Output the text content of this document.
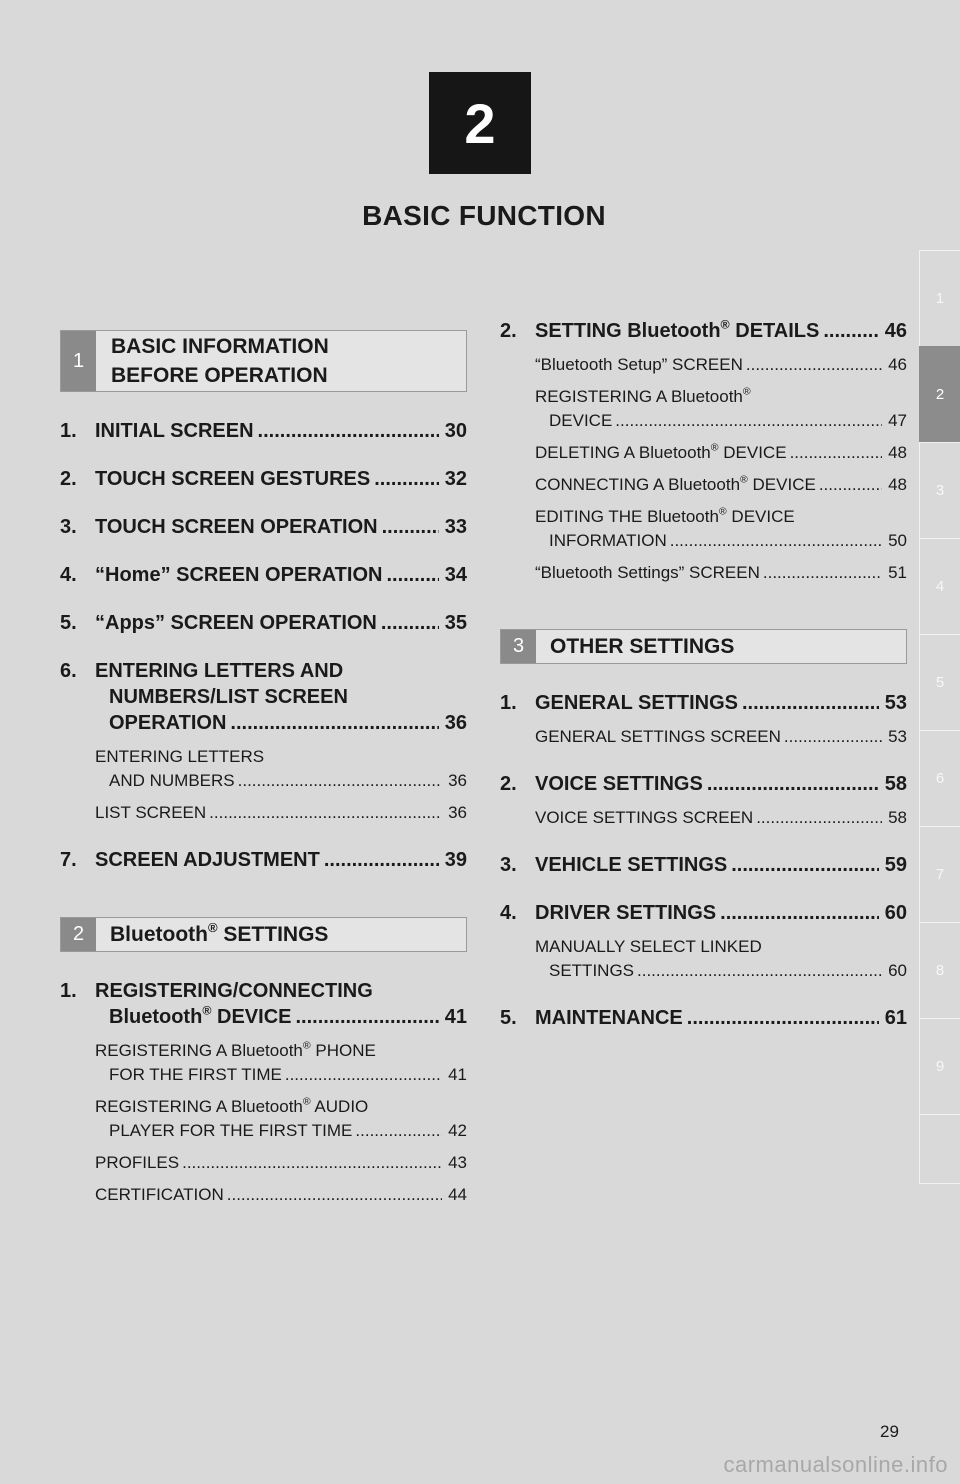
2
BASIC FUNCTION
1
2
3
4
5
6
7
8
9
1
BASIC INFORMATION
BEFORE OPERATION
1. INITIAL SCREEN .....	30
2. TOUCH SCREEN GESTURES .....	32
3. TOUCH SCREEN OPERATION .....	33
4. “Home” SCREEN OPERATION .....	34
5. “Apps” SCREEN OPERATION .....	35
6. ENTERING LETTERS AND
NUMBERS/LIST SCREEN
OPERATION .....	36
ENTERING LETTERS
AND NUMBERS .....	36
LIST SCREEN .....	36
7. SCREEN ADJUSTMENT .....	39
2	Bluetooth® SETTINGS
1. REGISTERING/CONNECTING
Bluetooth® DEVICE .....	41
REGISTERING A Bluetooth® PHONE
FOR THE FIRST TIME .....	41
REGISTERING A Bluetooth® AUDIO
PLAYER FOR THE FIRST TIME .....	42
PROFILES .....	43
CERTIFICATION .....	44
2. SETTING Bluetooth® DETAILS .....	46
“Bluetooth Setup” SCREEN .....	46
REGISTERING A Bluetooth®
DEVICE .....	47
DELETING A Bluetooth® DEVICE .....	48
CONNECTING A Bluetooth® DEVICE .....	48
EDITING THE Bluetooth® DEVICE
INFORMATION .....	50
“Bluetooth Settings” SCREEN .....	51
3	OTHER SETTINGS
1. GENERAL SETTINGS .....	53
GENERAL SETTINGS SCREEN .....	53
2. VOICE SETTINGS .....	58
VOICE SETTINGS SCREEN .....	58
3. VEHICLE SETTINGS .....	59
4. DRIVER SETTINGS .....	60
MANUALLY SELECT LINKED
SETTINGS .....	60
5. MAINTENANCE .....	61
29
carmanualsonline.info
